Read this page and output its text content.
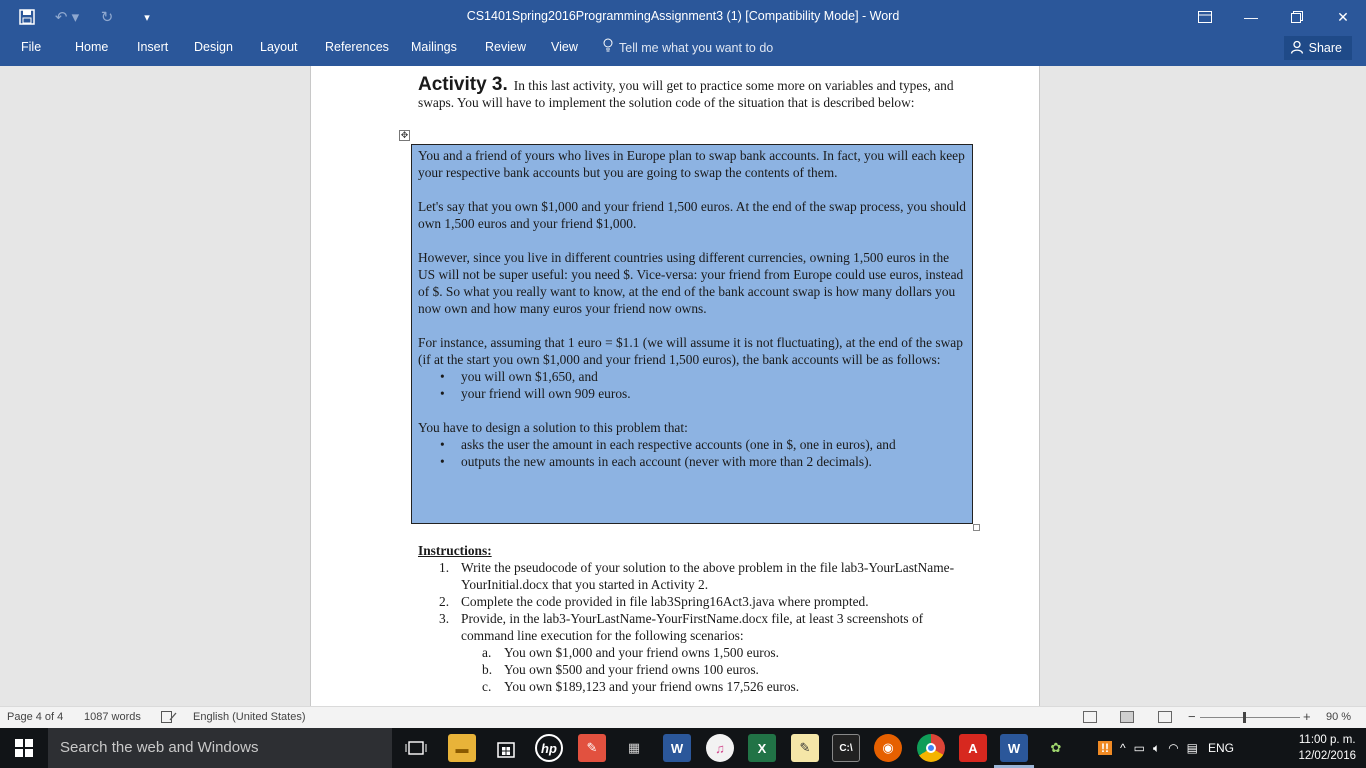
↶ ▾	↻	▾	CS1401Spring2016ProgrammingAssignment3 (1) [Compatibility Mode] - Word	—	✕
File	Home Insert Design Layout References Mailings Review View	Tell me what you want to do	Share
Activity 3. In this last activity, you will get to practice some more on variables and types, and swaps. You will have to implement the solution code of the situation that is described below:
✥

You and a friend of yours who lives in Europe plan to swap bank accounts. In fact, you will each keep your respective bank accounts but you are going to swap the contents of them.

Let's say that you own $1,000 and your friend 1,500 euros. At the end of the swap process, you should own 1,500 euros and your friend $1,000.

However, since you live in different countries using different currencies, owning 1,500 euros in the US will not be super useful: you need $. Vice-versa: your friend from Europe could use euros, instead of $. So what you really want to know, at the end of the bank account swap is how many dollars you now own and how many euros your friend now owns.

For instance, assuming that 1 euro = $1.1 (we will assume it is not fluctuating), at the end of the swap (if at the start you own $1,000 and your friend 1,500 euros), the bank accounts will be as follows:

• you will own $1,650, and
• your friend will own 909 euros.

You have to design a solution to this problem that:

• asks the user the amount in each respective accounts (one in $, one in euros), and
• outputs the new amounts in each account (never with more than 2 decimals).
Instructions:
1. Write the pseudocode of your solution to the above problem in the file lab3-YourLastName-YourInitial.docx that you started in Activity 2.
2. Complete the code provided in file lab3Spring16Act3.java where prompted.
3. Provide, in the lab3-YourLastName-YourFirstName.docx file, at least 3 screenshots of command line execution for the following scenarios:
a. You own $1,000 and your friend owns 1,500 euros.
b. You own $500 and your friend owns 100 euros.
c. You own $189,123 and your friend owns 17,526 euros.
Page 4 of 4 1087 words	English (United States)	−	+ 90 %
Search the web and Windows	▬	hp	✎	▦	W	♫	X	✎	C:\	◉	A	W	✿	!! ^ ▭ 🔈︎ ◠ ▤ ENG
11:00 p. m.
12/02/2016
